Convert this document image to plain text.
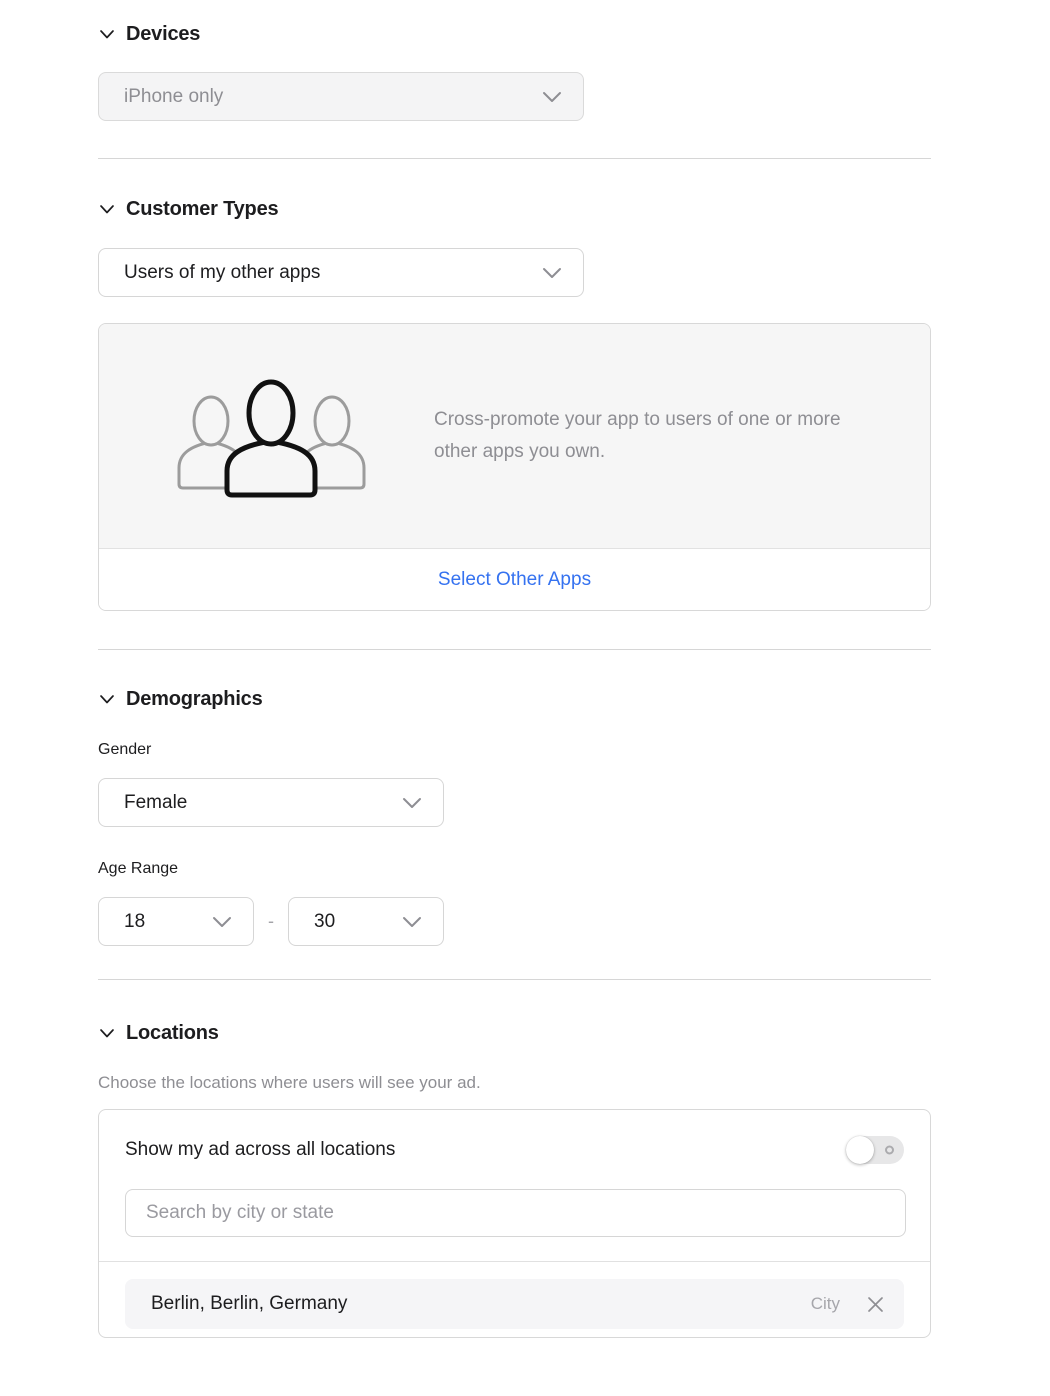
Devices
iPhone only
Customer Types
Users of my other apps
Cross-promote your app to users of one or more other apps you own.
Select Other Apps
Demographics
Gender
Female
Age Range
18	-	30
Locations
Choose the locations where users will see your ad.
Show my ad across all locations
Search by city or state
Berlin, Berlin, Germany	City
